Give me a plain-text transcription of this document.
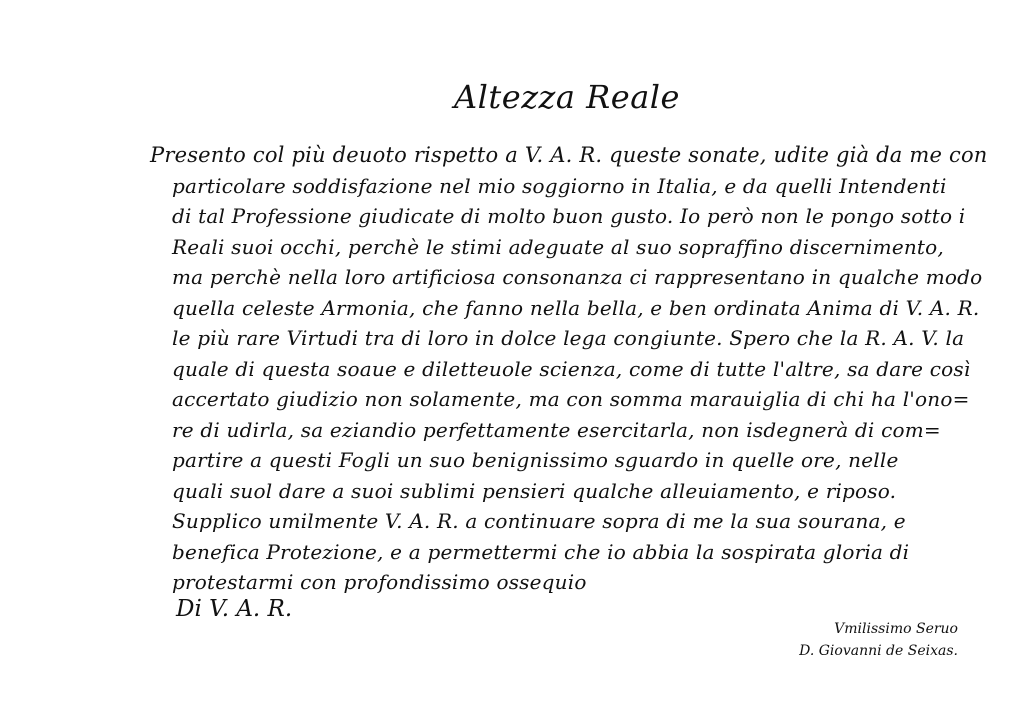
Altezza Reale
Presento col più deuoto rispetto a V. A. R. queste sonate, udite già da me con
particolare soddisfazione nel mio soggiorno in Italia, e da quelli Intendenti
di tal Professione giudicate di molto buon gusto. Io però non le pongo sotto i
Reali suoi occhi, perchè le stimi adeguate al suo sopraffino discernimento,
ma perchè nella loro artificiosa consonanza ci rappresentano in qualche modo
quella celeste Armonia, che fanno nella bella, e ben ordinata Anima di V. A. R.
le più rare Virtudi tra di loro in dolce lega congiunte. Spero che la R. A. V. la
quale di questa soaue e diletteuole scienza, come di tutte l'altre, sa dare così
accertato giudizio non solamente, ma con somma marauiglia di chi ha l'ono=
re di udirla, sa eziandio perfettamente esercitarla, non isdegnerà di com=
partire a questi Fogli un suo benignissimo sguardo in quelle ore, nelle
quali suol dare a suoi sublimi pensieri qualche alleuiamento, e riposo.
Supplico umilmente V. A. R. a continuare sopra di me la sua sourana, e
benefica Protezione, e a permettermi che io abbia la sospirata gloria di
protestarmi con profondissimo ossequio
Di V. A. R.
Vmilissimo Seruo
D. Giovanni de Seixas.
